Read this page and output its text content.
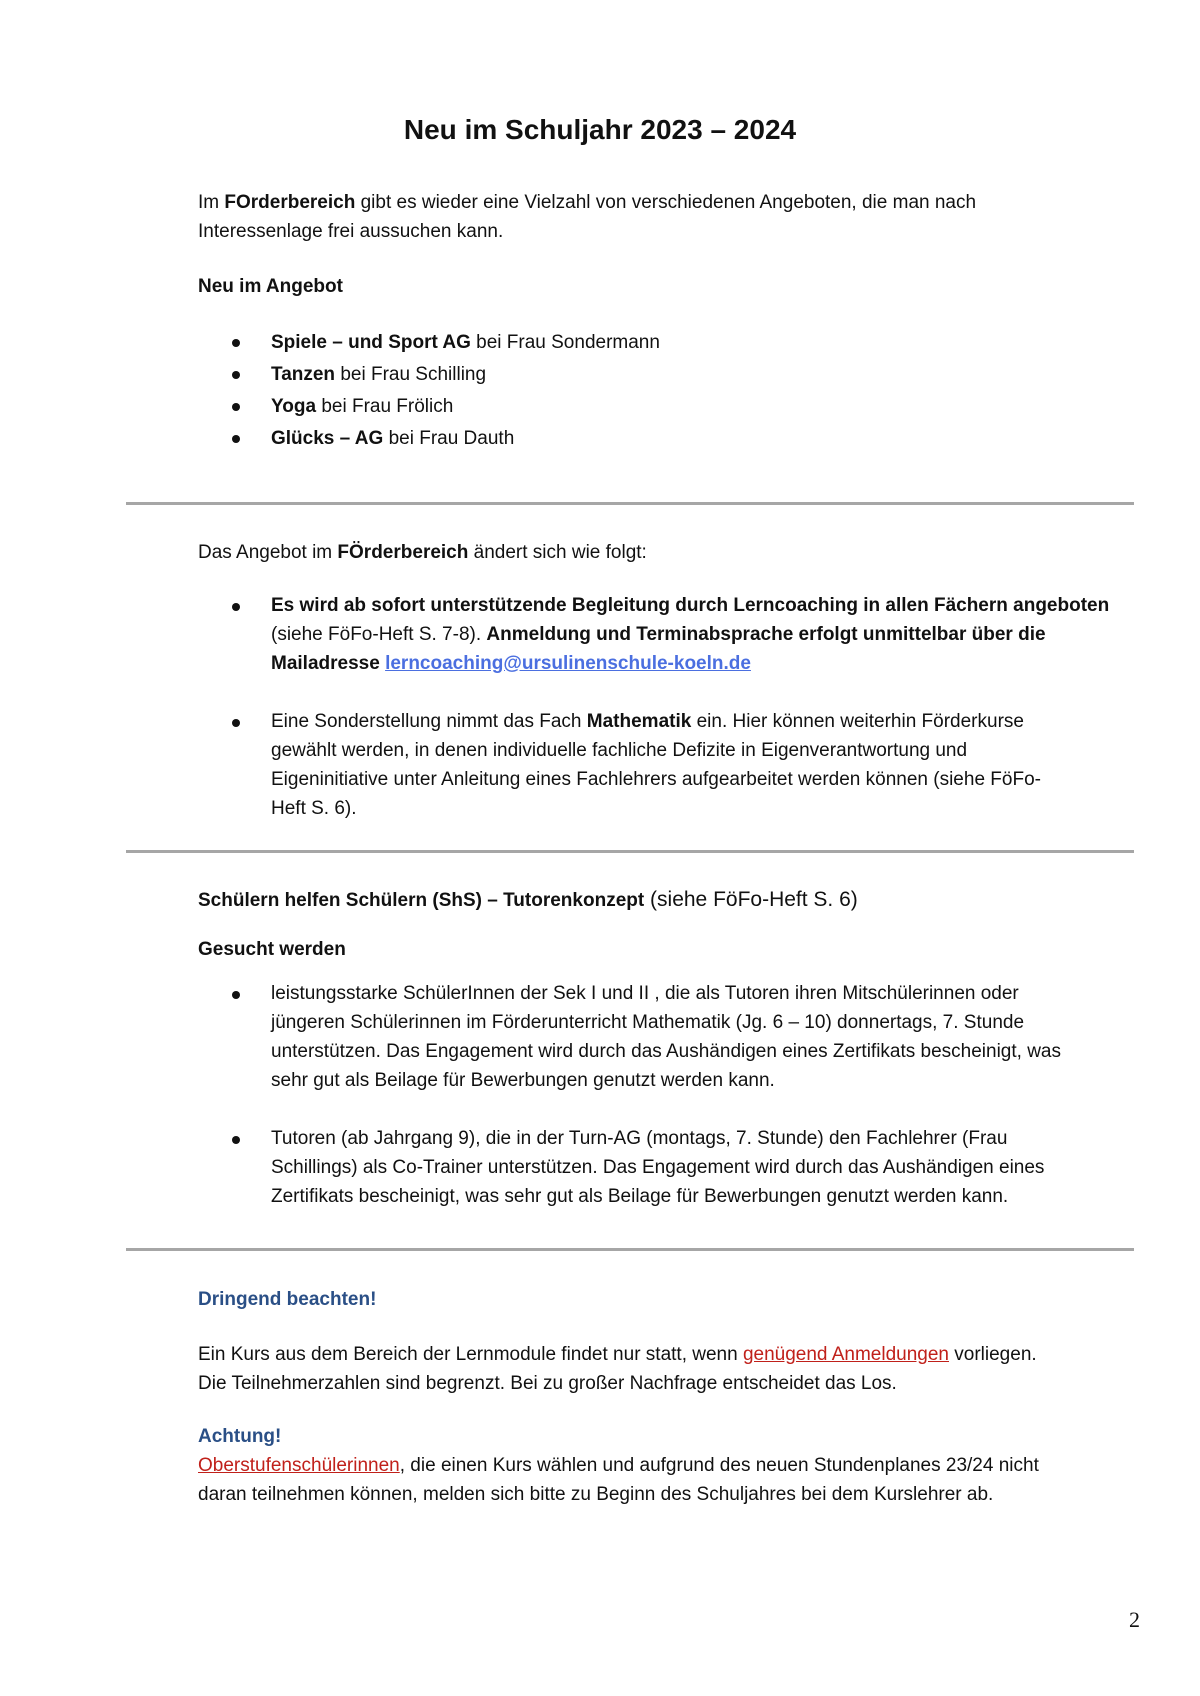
Neu im Schuljahr 2023 – 2024
Im FOrderbereich gibt es wieder eine Vielzahl von verschiedenen Angeboten, die man nach
Interessenlage frei aussuchen kann.
Neu im Angebot
Spiele – und Sport AG bei Frau Sondermann
Tanzen bei Frau Schilling
Yoga bei Frau Frölich
Glücks – AG bei Frau Dauth
Das Angebot im FÖrderbereich ändert sich wie folgt:
Es wird ab sofort unterstützende Begleitung durch Lerncoaching in allen Fächern angeboten
(siehe FöFo-Heft S. 7-8). Anmeldung und Terminabsprache erfolgt unmittelbar über die
Mailadresse lerncoaching@ursulinenschule-koeln.de
Eine Sonderstellung nimmt das Fach Mathematik ein. Hier können weiterhin Förderkurse
gewählt werden, in denen individuelle fachliche Defizite in Eigenverantwortung und
Eigeninitiative unter Anleitung eines Fachlehrers aufgearbeitet werden können (siehe FöFo-
Heft S. 6).
Schülern helfen Schülern (ShS) – Tutorenkonzept (siehe FöFo-Heft S. 6)
Gesucht werden
leistungsstarke SchülerInnen der Sek I und II , die als Tutoren ihren Mitschülerinnen oder
jüngeren Schülerinnen im Förderunterricht Mathematik (Jg. 6 – 10) donnertags, 7. Stunde
unterstützen. Das Engagement wird durch das Aushändigen eines Zertifikats bescheinigt, was
sehr gut als Beilage für Bewerbungen genutzt werden kann.
Tutoren (ab Jahrgang 9), die in der Turn-AG (montags, 7. Stunde) den Fachlehrer (Frau
Schillings) als Co-Trainer unterstützen. Das Engagement wird durch das Aushändigen eines
Zertifikats bescheinigt, was sehr gut als Beilage für Bewerbungen genutzt werden kann.
Dringend beachten!
Ein Kurs aus dem Bereich der Lernmodule findet nur statt, wenn genügend Anmeldungen vorliegen.
Die Teilnehmerzahlen sind begrenzt. Bei zu großer Nachfrage entscheidet das Los.
Achtung!
Oberstufenschülerinnen, die einen Kurs wählen und aufgrund des neuen Stundenplanes 23/24 nicht
daran teilnehmen können, melden sich bitte zu Beginn des Schuljahres bei dem Kurslehrer ab.
2
